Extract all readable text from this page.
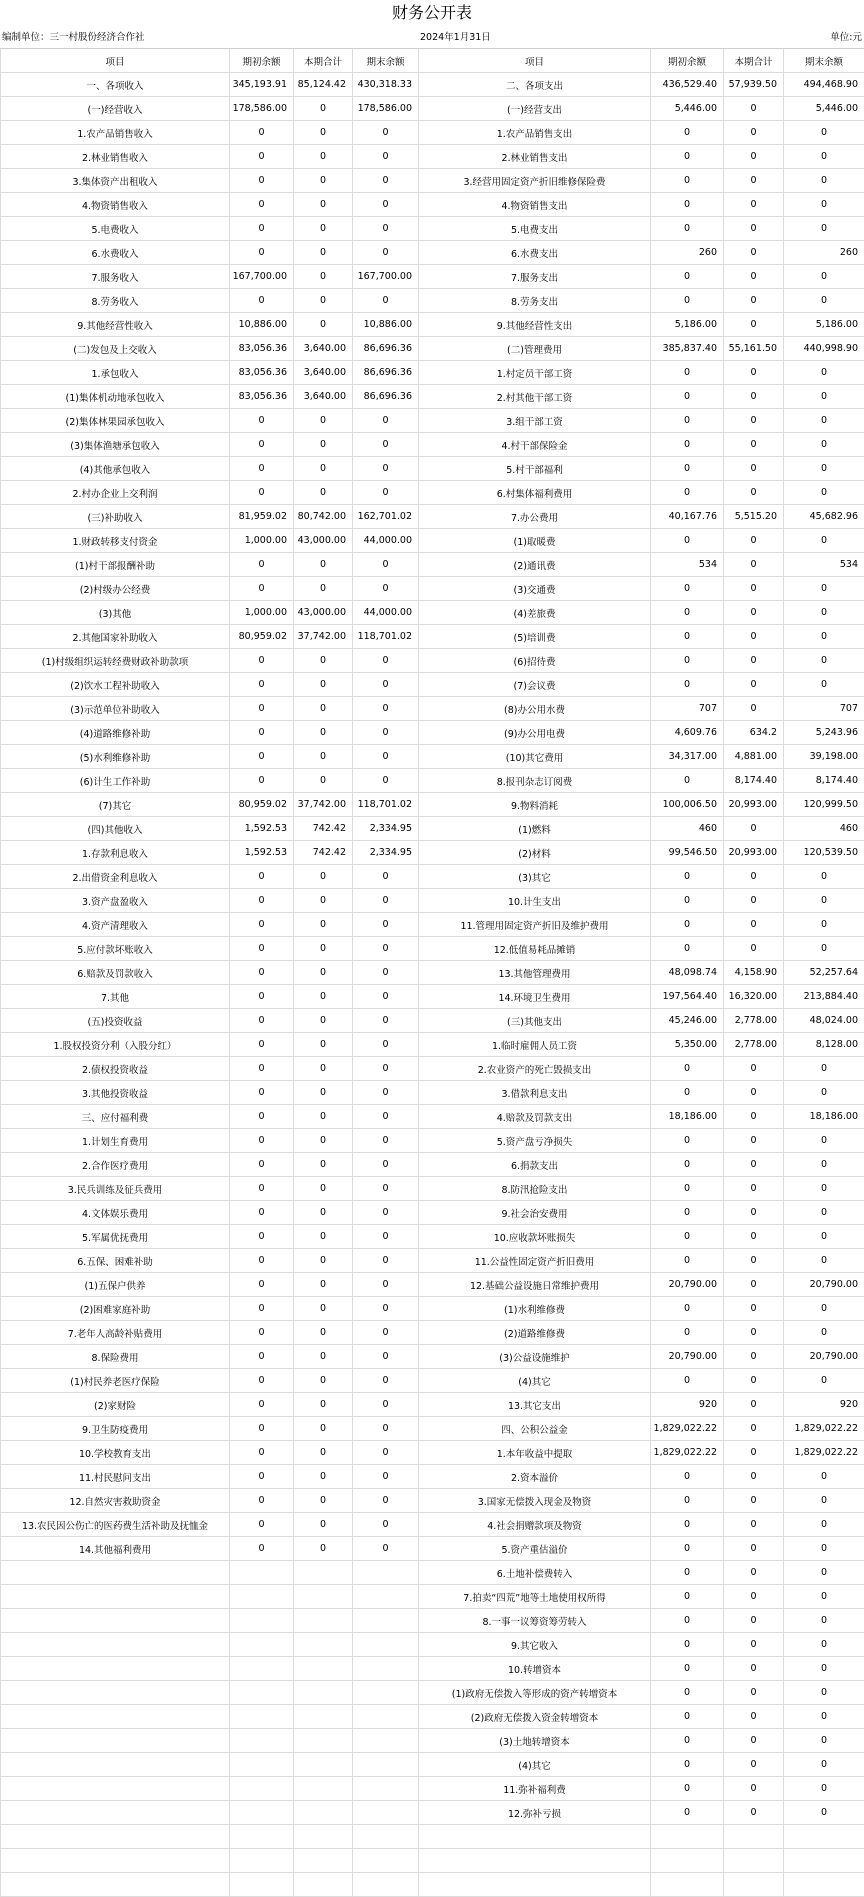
财务公开表
编制单位：三一村股份经济合作社	2024年1月31日	单位:元
项目	期初余额	本期合计	期末余额	项目	期初余额	本期合计	期末余额
一、各项收入	345,193.91	85,124.42	430,318.33	二、各项支出	436,529.40	57,939.50	494,468.90
(一)经营收入	178,586.00	0	178,586.00	(一)经营支出	5,446.00	0	5,446.00
1.农产品销售收入	0	0	0	1.农产品销售支出	0	0	0
2.林业销售收入	0	0	0	2.林业销售支出	0	0	0
3.集体资产出租收入	0	0	0	3.经营用固定资产折旧维修保险费	0	0	0
4.物资销售收入	0	0	0	4.物资销售支出	0	0	0
5.电费收入	0	0	0	5.电费支出	0	0	0
6.水费收入	0	0	0	6.水费支出	260	0	260
7.服务收入	167,700.00	0	167,700.00	7.服务支出	0	0	0
8.劳务收入	0	0	0	8.劳务支出	0	0	0
9.其他经营性收入	10,886.00	0	10,886.00	9.其他经营性支出	5,186.00	0	5,186.00
(二)发包及上交收入	83,056.36	3,640.00	86,696.36	(二)管理费用	385,837.40	55,161.50	440,998.90
1.承包收入	83,056.36	3,640.00	86,696.36	1.村定员干部工资	0	0	0
(1)集体机动地承包收入	83,056.36	3,640.00	86,696.36	2.村其他干部工资	0	0	0
(2)集体林果园承包收入	0	0	0	3.组干部工资	0	0	0
(3)集体渔塘承包收入	0	0	0	4.村干部保险金	0	0	0
(4)其他承包收入	0	0	0	5.村干部福利	0	0	0
2.村办企业上交利润	0	0	0	6.村集体福利费用	0	0	0
(三)补助收入	81,959.02	80,742.00	162,701.02	7.办公费用	40,167.76	5,515.20	45,682.96
1.财政转移支付资金	1,000.00	43,000.00	44,000.00	(1)取暖费	0	0	0
(1)村干部报酬补助	0	0	0	(2)通讯费	534	0	534
(2)村级办公经费	0	0	0	(3)交通费	0	0	0
(3)其他	1,000.00	43,000.00	44,000.00	(4)差旅费	0	0	0
2.其他国家补助收入	80,959.02	37,742.00	118,701.02	(5)培训费	0	0	0
(1)村级组织运转经费财政补助款项	0	0	0	(6)招待费	0	0	0
(2)饮水工程补助收入	0	0	0	(7)会议费	0	0	0
(3)示范单位补助收入	0	0	0	(8)办公用水费	707	0	707
(4)道路维修补助	0	0	0	(9)办公用电费	4,609.76	634.2	5,243.96
(5)水利维修补助	0	0	0	(10)其它费用	34,317.00	4,881.00	39,198.00
(6)计生工作补助	0	0	0	8.报刊杂志订阅费	0	8,174.40	8,174.40
(7)其它	80,959.02	37,742.00	118,701.02	9.物料消耗	100,006.50	20,993.00	120,999.50
(四)其他收入	1,592.53	742.42	2,334.95	(1)燃料	460	0	460
1.存款利息收入	1,592.53	742.42	2,334.95	(2)材料	99,546.50	20,993.00	120,539.50
2.出借资金利息收入	0	0	0	(3)其它	0	0	0
3.资产盘盈收入	0	0	0	10.计生支出	0	0	0
4.资产清理收入	0	0	0	11.管理用固定资产折旧及维护费用	0	0	0
5.应付款坏账收入	0	0	0	12.低值易耗品摊销	0	0	0
6.赔款及罚款收入	0	0	0	13.其他管理费用	48,098.74	4,158.90	52,257.64
7.其他	0	0	0	14.环境卫生费用	197,564.40	16,320.00	213,884.40
(五)投资收益	0	0	0	(三)其他支出	45,246.00	2,778.00	48,024.00
1.股权投资分利（入股分红）	0	0	0	1.临时雇佣人员工资	5,350.00	2,778.00	8,128.00
2.债权投资收益	0	0	0	2.农业资产的死亡毁损支出	0	0	0
3.其他投资收益	0	0	0	3.借款利息支出	0	0	0
三、应付福利费	0	0	0	4.赔款及罚款支出	18,186.00	0	18,186.00
1.计划生育费用	0	0	0	5.资产盘亏净损失	0	0	0
2.合作医疗费用	0	0	0	6.捐款支出	0	0	0
3.民兵训练及征兵费用	0	0	0	8.防汛抢险支出	0	0	0
4.文体娱乐费用	0	0	0	9.社会治安费用	0	0	0
5.军属优抚费用	0	0	0	10.应收款坏账损失	0	0	0
6.五保、困难补助	0	0	0	11.公益性固定资产折旧费用	0	0	0
(1)五保户供养	0	0	0	12.基础公益设施日常维护费用	20,790.00	0	20,790.00
(2)困难家庭补助	0	0	0	(1)水利维修费	0	0	0
7.老年人高龄补贴费用	0	0	0	(2)道路维修费	0	0	0
8.保险费用	0	0	0	(3)公益设施维护	20,790.00	0	20,790.00
(1)村民养老医疗保险	0	0	0	(4)其它	0	0	0
(2)家财险	0	0	0	13.其它支出	920	0	920
9.卫生防疫费用	0	0	0	四、公积公益金	1,829,022.22	0	1,829,022.22
10.学校教育支出	0	0	0	1.本年收益中提取	1,829,022.22	0	1,829,022.22
11.村民慰问支出	0	0	0	2.资本溢价	0	0	0
12.自然灾害救助资金	0	0	0	3.国家无偿拨入现金及物资	0	0	0
13.农民因公伤亡的医药费生活补助及抚恤金	0	0	0	4.社会捐赠款项及物资	0	0	0
14.其他福利费用	0	0	0	5.资产重估溢价	0	0	0
				6.土地补偿费转入	0	0	0
				7.拍卖“四荒”地等土地使用权所得	0	0	0
				8.一事一议筹资筹劳转入	0	0	0
				9.其它收入	0	0	0
				10.转增资本	0	0	0
				(1)政府无偿拨入等形成的资产转增资本	0	0	0
				(2)政府无偿拨入资金转增资本	0	0	0
				(3)土地转增资本	0	0	0
				(4)其它	0	0	0
				11.弥补福利费	0	0	0
				12.弥补亏损	0	0	0
